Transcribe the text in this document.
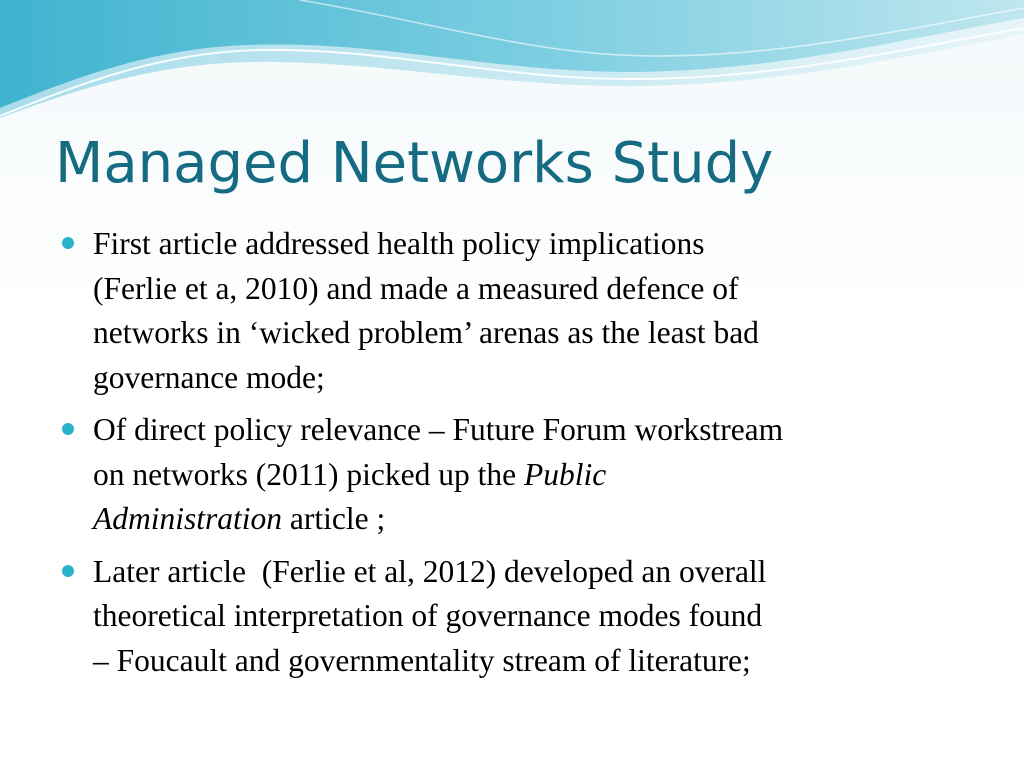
Managed Networks Study
First article addressed health policy implications
(Ferlie et a, 2010) and made a measured defence of
networks in ‘wicked problem’ arenas as the least bad
governance mode;
Of direct policy relevance – Future Forum workstream
on networks (2011) picked up the Public
Administration article ;
Later article  (Ferlie et al, 2012) developed an overall
theoretical interpretation of governance modes found
– Foucault and governmentality stream of literature;
